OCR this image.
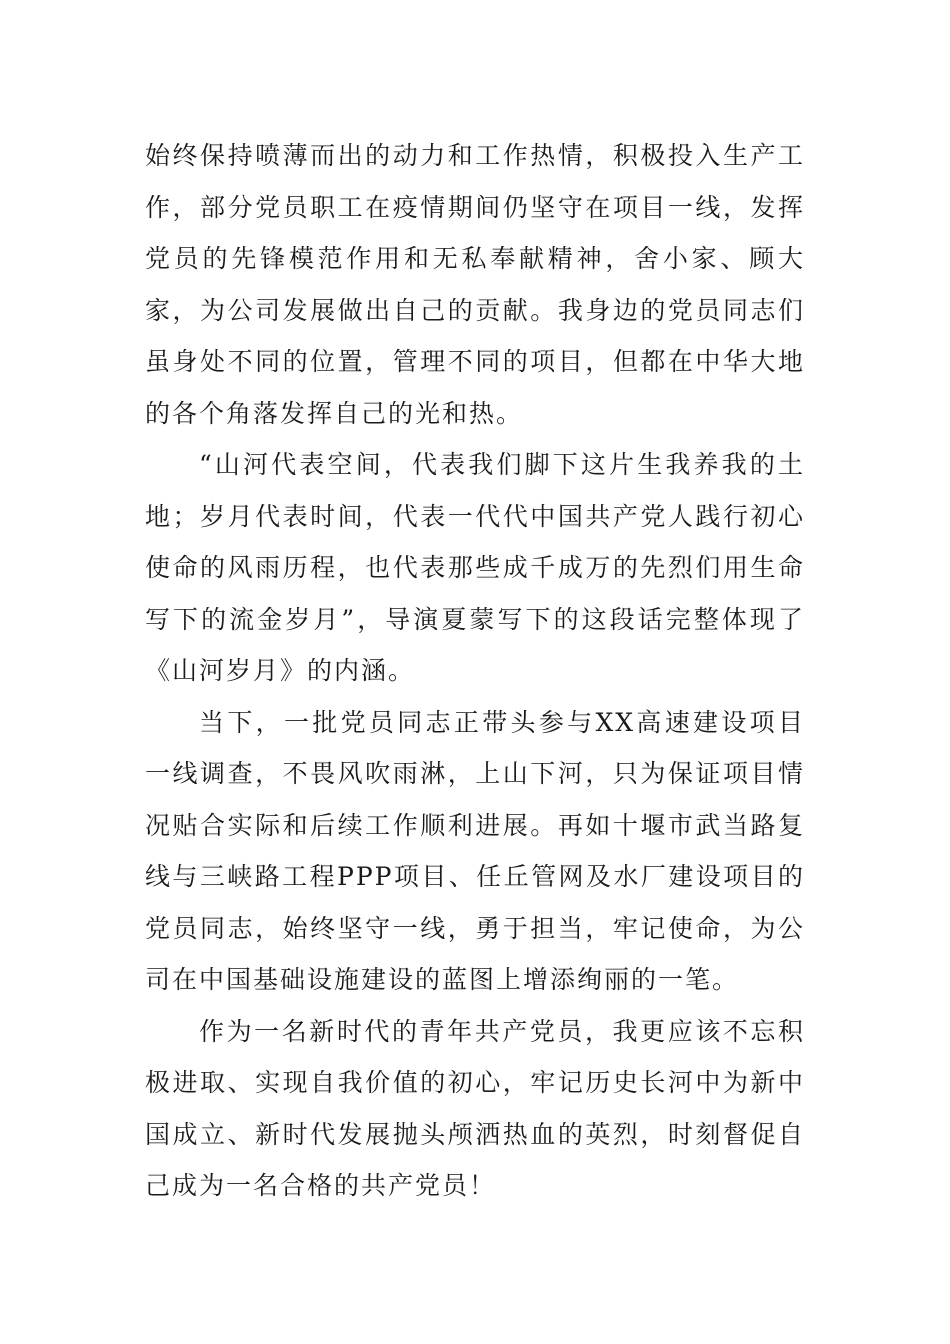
始终保持喷薄而出的动力和工作热情，积极投入生产工作，部分党员职工在疫情期间仍坚守在项目一线，发挥党员的先锋模范作用和无私奉献精神，舍小家、顾大家，为公司发展做出自己的贡献。我身边的党员同志们虽身处不同的位置，管理不同的项目，但都在中华大地的各个角落发挥自己的光和热。

“山河代表空间，代表我们脚下这片生我养我的土地；岁月代表时间，代表一代代中国共产党人践行初心使命的风雨历程，也代表那些成千成万的先烈们用生命写下的流金岁月”，导演夏蒙写下的这段话完整体现了《山河岁月》的内涵。

当下，一批党员同志正带头参与XX高速建设项目一线调查，不畏风吹雨淋，上山下河，只为保证项目情况贴合实际和后续工作顺利进展。再如十堰市武当路复线与三峡路工程PPP项目、任丘管网及水厂建设项目的党员同志，始终坚守一线，勇于担当，牢记使命，为公司在中国基础设施建设的蓝图上增添绚丽的一笔。

作为一名新时代的青年共产党员，我更应该不忘积极进取、实现自我价值的初心，牢记历史长河中为新中国成立、新时代发展抛头颅洒热血的英烈，时刻督促自己成为一名合格的共产党员！
